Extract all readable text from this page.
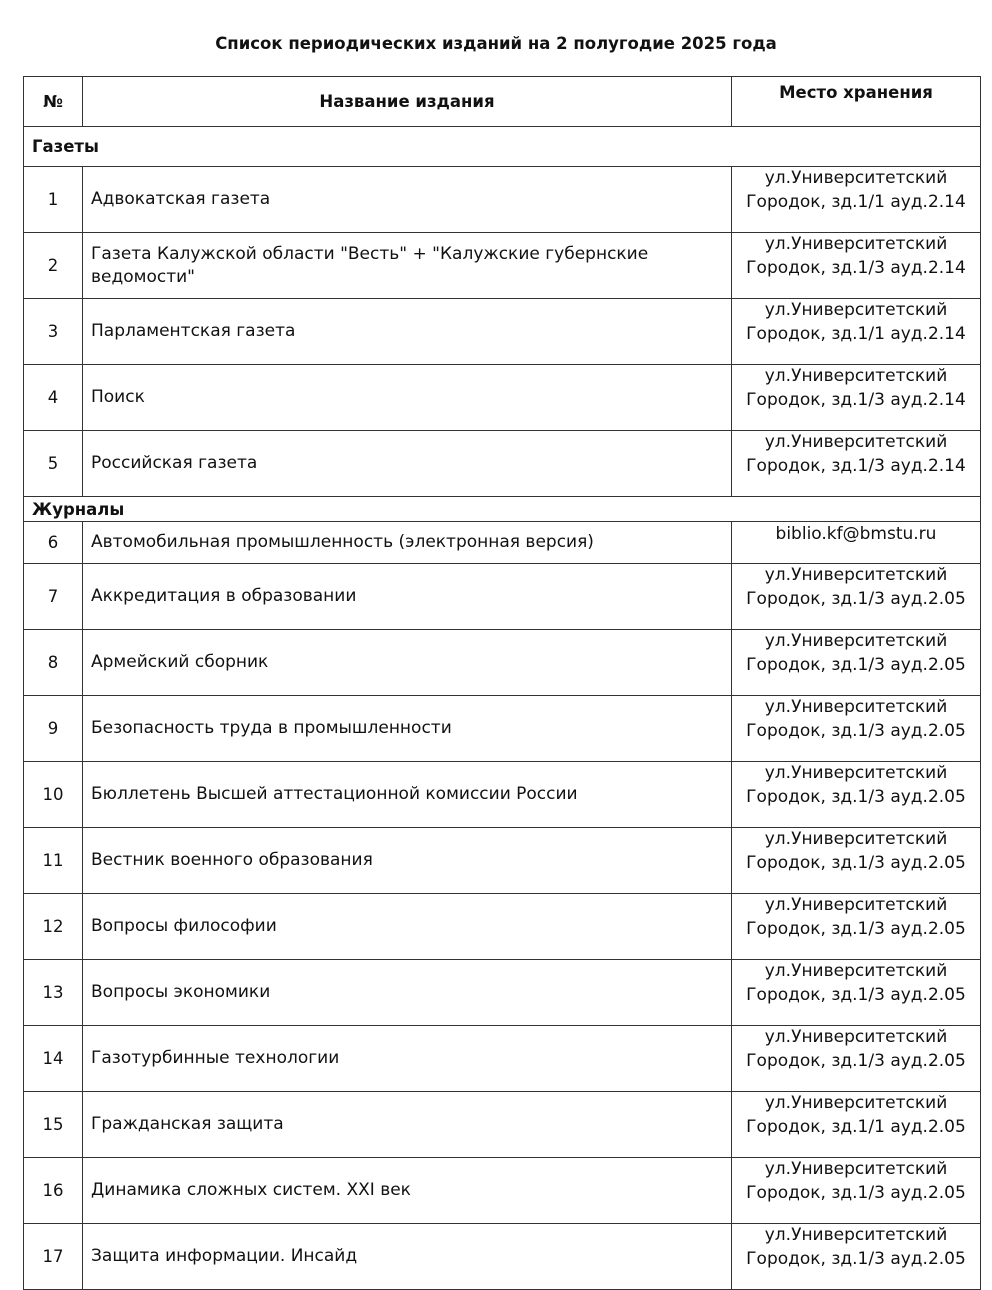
Список периодических изданий на 2 полугодие 2025 года
№	Название издания	Место хранения
Газеты		
1	Адвокатская газета	ул.Университетский
Городок, зд.1/1 ауд.2.14
2	Газета Калужской области "Весть" + "Калужские губернские ведомости"	ул.Университетский
Городок, зд.1/3 ауд.2.14
3	Парламентская газета	ул.Университетский
Городок, зд.1/1 ауд.2.14
4	Поиск	ул.Университетский
Городок, зд.1/3 ауд.2.14
5	Российская газета	ул.Университетский
Городок, зд.1/3 ауд.2.14
Журналы		
6	Автомобильная промышленность (электронная версия)	biblio.kf@bmstu.ru
7	Аккредитация в образовании	ул.Университетский
Городок, зд.1/3 ауд.2.05
8	Армейский сборник	ул.Университетский
Городок, зд.1/3 ауд.2.05
9	Безопасность труда в промышленности	ул.Университетский
Городок, зд.1/3 ауд.2.05
10	Бюллетень Высшей аттестационной комиссии России	ул.Университетский
Городок, зд.1/3 ауд.2.05
11	Вестник военного образования	ул.Университетский
Городок, зд.1/3 ауд.2.05
12	Вопросы философии	ул.Университетский
Городок, зд.1/3 ауд.2.05
13	Вопросы экономики	ул.Университетский
Городок, зд.1/3 ауд.2.05
14	Газотурбинные технологии	ул.Университетский
Городок, зд.1/3 ауд.2.05
15	Гражданская защита	ул.Университетский
Городок, зд.1/1 ауд.2.05
16	Динамика сложных систем. XXI век	ул.Университетский
Городок, зд.1/3 ауд.2.05
17	Защита информации. Инсайд	ул.Университетский
Городок, зд.1/3 ауд.2.05
